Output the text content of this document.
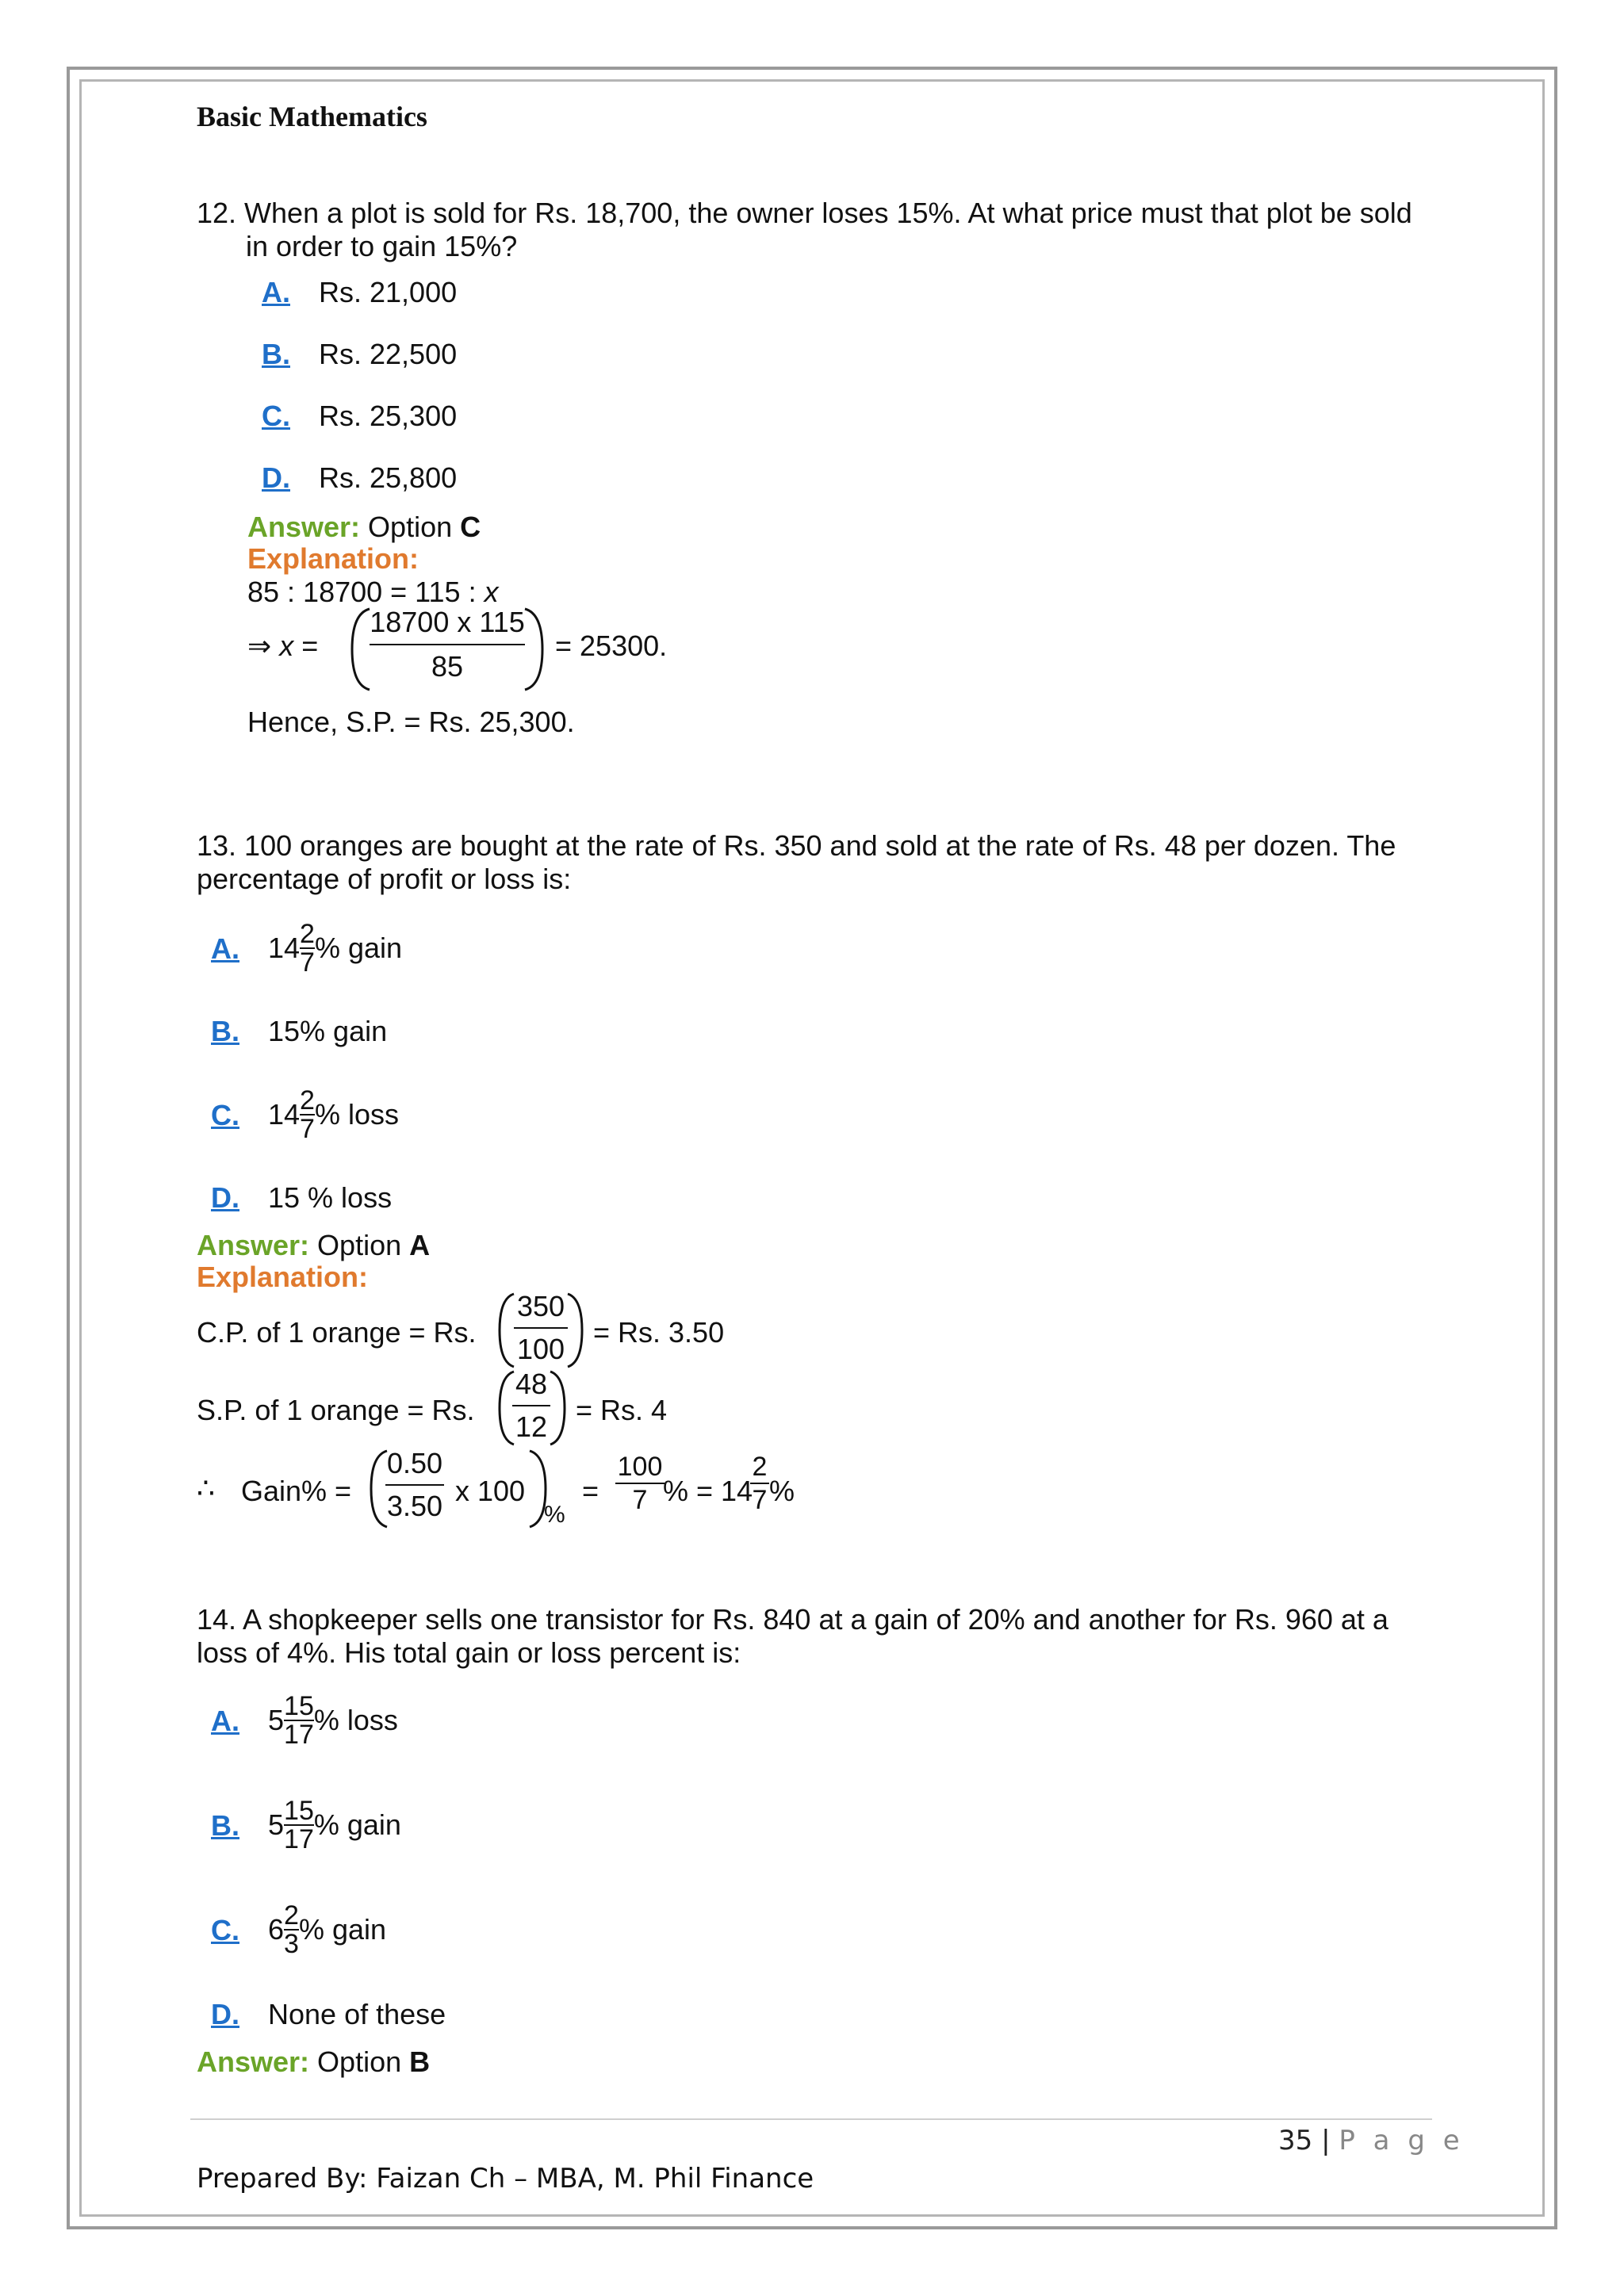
Basic Mathematics
12. When a plot is sold for Rs. 18,700, the owner loses 15%. At what price must that plot be sold
in order to gain 15%?
A. Rs. 21,000
B. Rs. 22,500
C. Rs. 25,300
D. Rs. 25,800
Answer: Option C
Explanation:
85 : 18700 = 115 : x
⇒ x =
18700 x 115
85
= 25300.
Hence, S.P. = Rs. 25,300.
13. 100 oranges are bought at the rate of Rs. 350 and sold at the rate of Rs. 48 per dozen. The
percentage of profit or loss is:
A. 14 2
7 % gain
B. 15% gain
C. 14 2
7 % loss
D. 15 % loss
Answer: Option A
Explanation:
C.P. of 1 orange = Rs.
350
100
= Rs. 3.50
S.P. of 1 orange = Rs.
48
12
= Rs. 4
∴ Gain% =
0.50
3.50 x 100
%
=
100
7 % = 14
2
7 %
14. A shopkeeper sells one transistor for Rs. 840 at a gain of 20% and another for Rs. 960 at a
loss of 4%. His total gain or loss percent is:
A. 5 15
17 % loss
B. 5 15
17 % gain
C. 6 2
3 % gain
D. None of these
Answer: Option B
35 | P a g e
Prepared By: Faizan Ch – MBA, M. Phil Finance
